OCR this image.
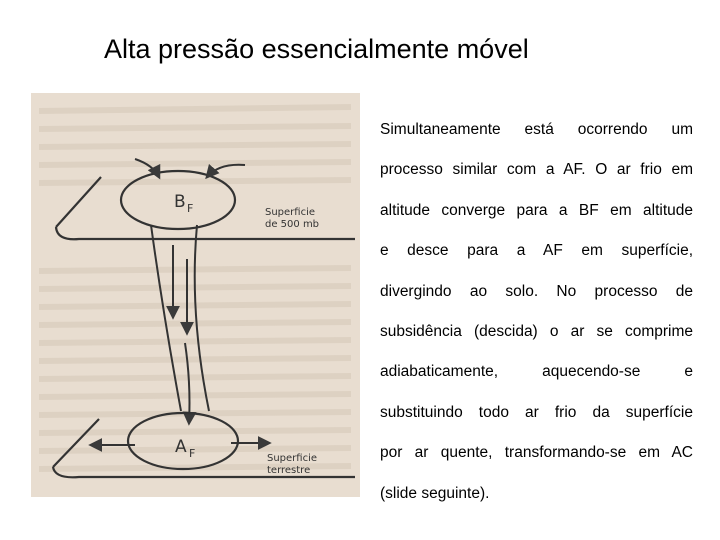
Alta pressão essencialmente móvel
B F	Superficie
de 500 mb
A F	Superficie
terrestre
Simultaneamente está ocorrendo um
processo similar com a AF. O ar frio em
altitude converge para a BF em altitude
e desce para a AF em superfície,
divergindo ao solo. No processo de
subsidência (descida) o ar se comprime
adiabaticamente, aquecendo-se e
substituindo todo ar frio da superfície
por ar quente, transformando-se em AC
(slide seguinte).
